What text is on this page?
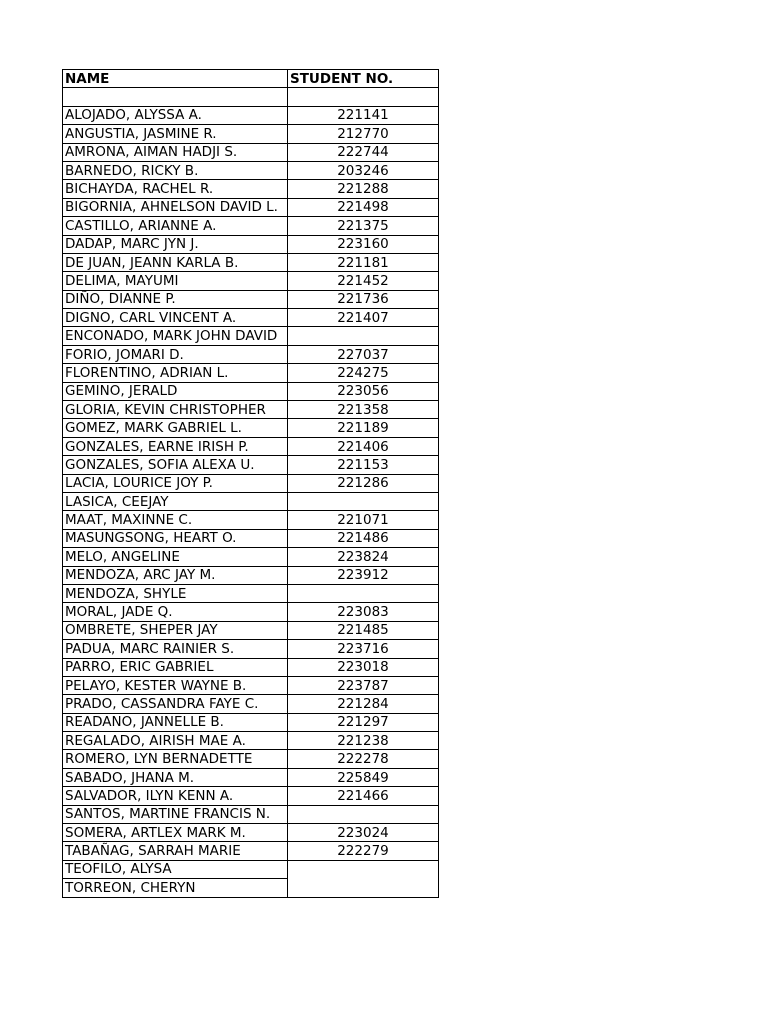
NAME	STUDENT NO.

ALOJADO, ALYSSA A.	221141
ANGUSTIA, JASMINE R.	212770
AMRONA, AIMAN HADJI S.	222744
BARNEDO, RICKY B.	203246
BICHAYDA, RACHEL R.	221288
BIGORNIA, AHNELSON DAVID L.	221498
CASTILLO, ARIANNE A.	221375
DADAP, MARC JYN J.	223160
DE JUAN, JEANN KARLA B.	221181
DELIMA, MAYUMI	221452
DIÑO, DIANNE P.	221736
DIGNO, CARL VINCENT A.	221407
ENCONADO, MARK JOHN DAVID	
FORIO, JOMARI D.	227037
FLORENTINO, ADRIAN L.	224275
GEMINO, JERALD	223056
GLORIA, KEVIN CHRISTOPHER	221358
GOMEZ, MARK GABRIEL L.	221189
GONZALES, EARNE IRISH P.	221406
GONZALES, SOFIA ALEXA U.	221153
LACIA, LOURICE JOY P.	221286
LASICA, CEEJAY	
MAAT, MAXINNE C.	221071
MASUNGSONG, HEART O.	221486
MELO, ANGELINE	223824
MENDOZA, ARC JAY M.	223912
MENDOZA, SHYLE	
MORAL, JADE Q.	223083
OMBRETE, SHEPER JAY	221485
PADUA, MARC RAINIER S.	223716
PARRO, ERIC GABRIEL	223018
PELAYO, KESTER WAYNE B.	223787
PRADO, CASSANDRA FAYE C.	221284
READANO, JANNELLE B.	221297
REGALADO, AIRISH MAE A.	221238
ROMERO, LYN BERNADETTE	222278
SABADO, JHANA M.	225849
SALVADOR, ILYN KENN A.	221466
SANTOS, MARTINE FRANCIS N.	
SOMERA, ARTLEX MARK M.	223024
TABAÑAG, SARRAH MARIE	222279
TEOFILO, ALYSA	
TORREON, CHERYN	
